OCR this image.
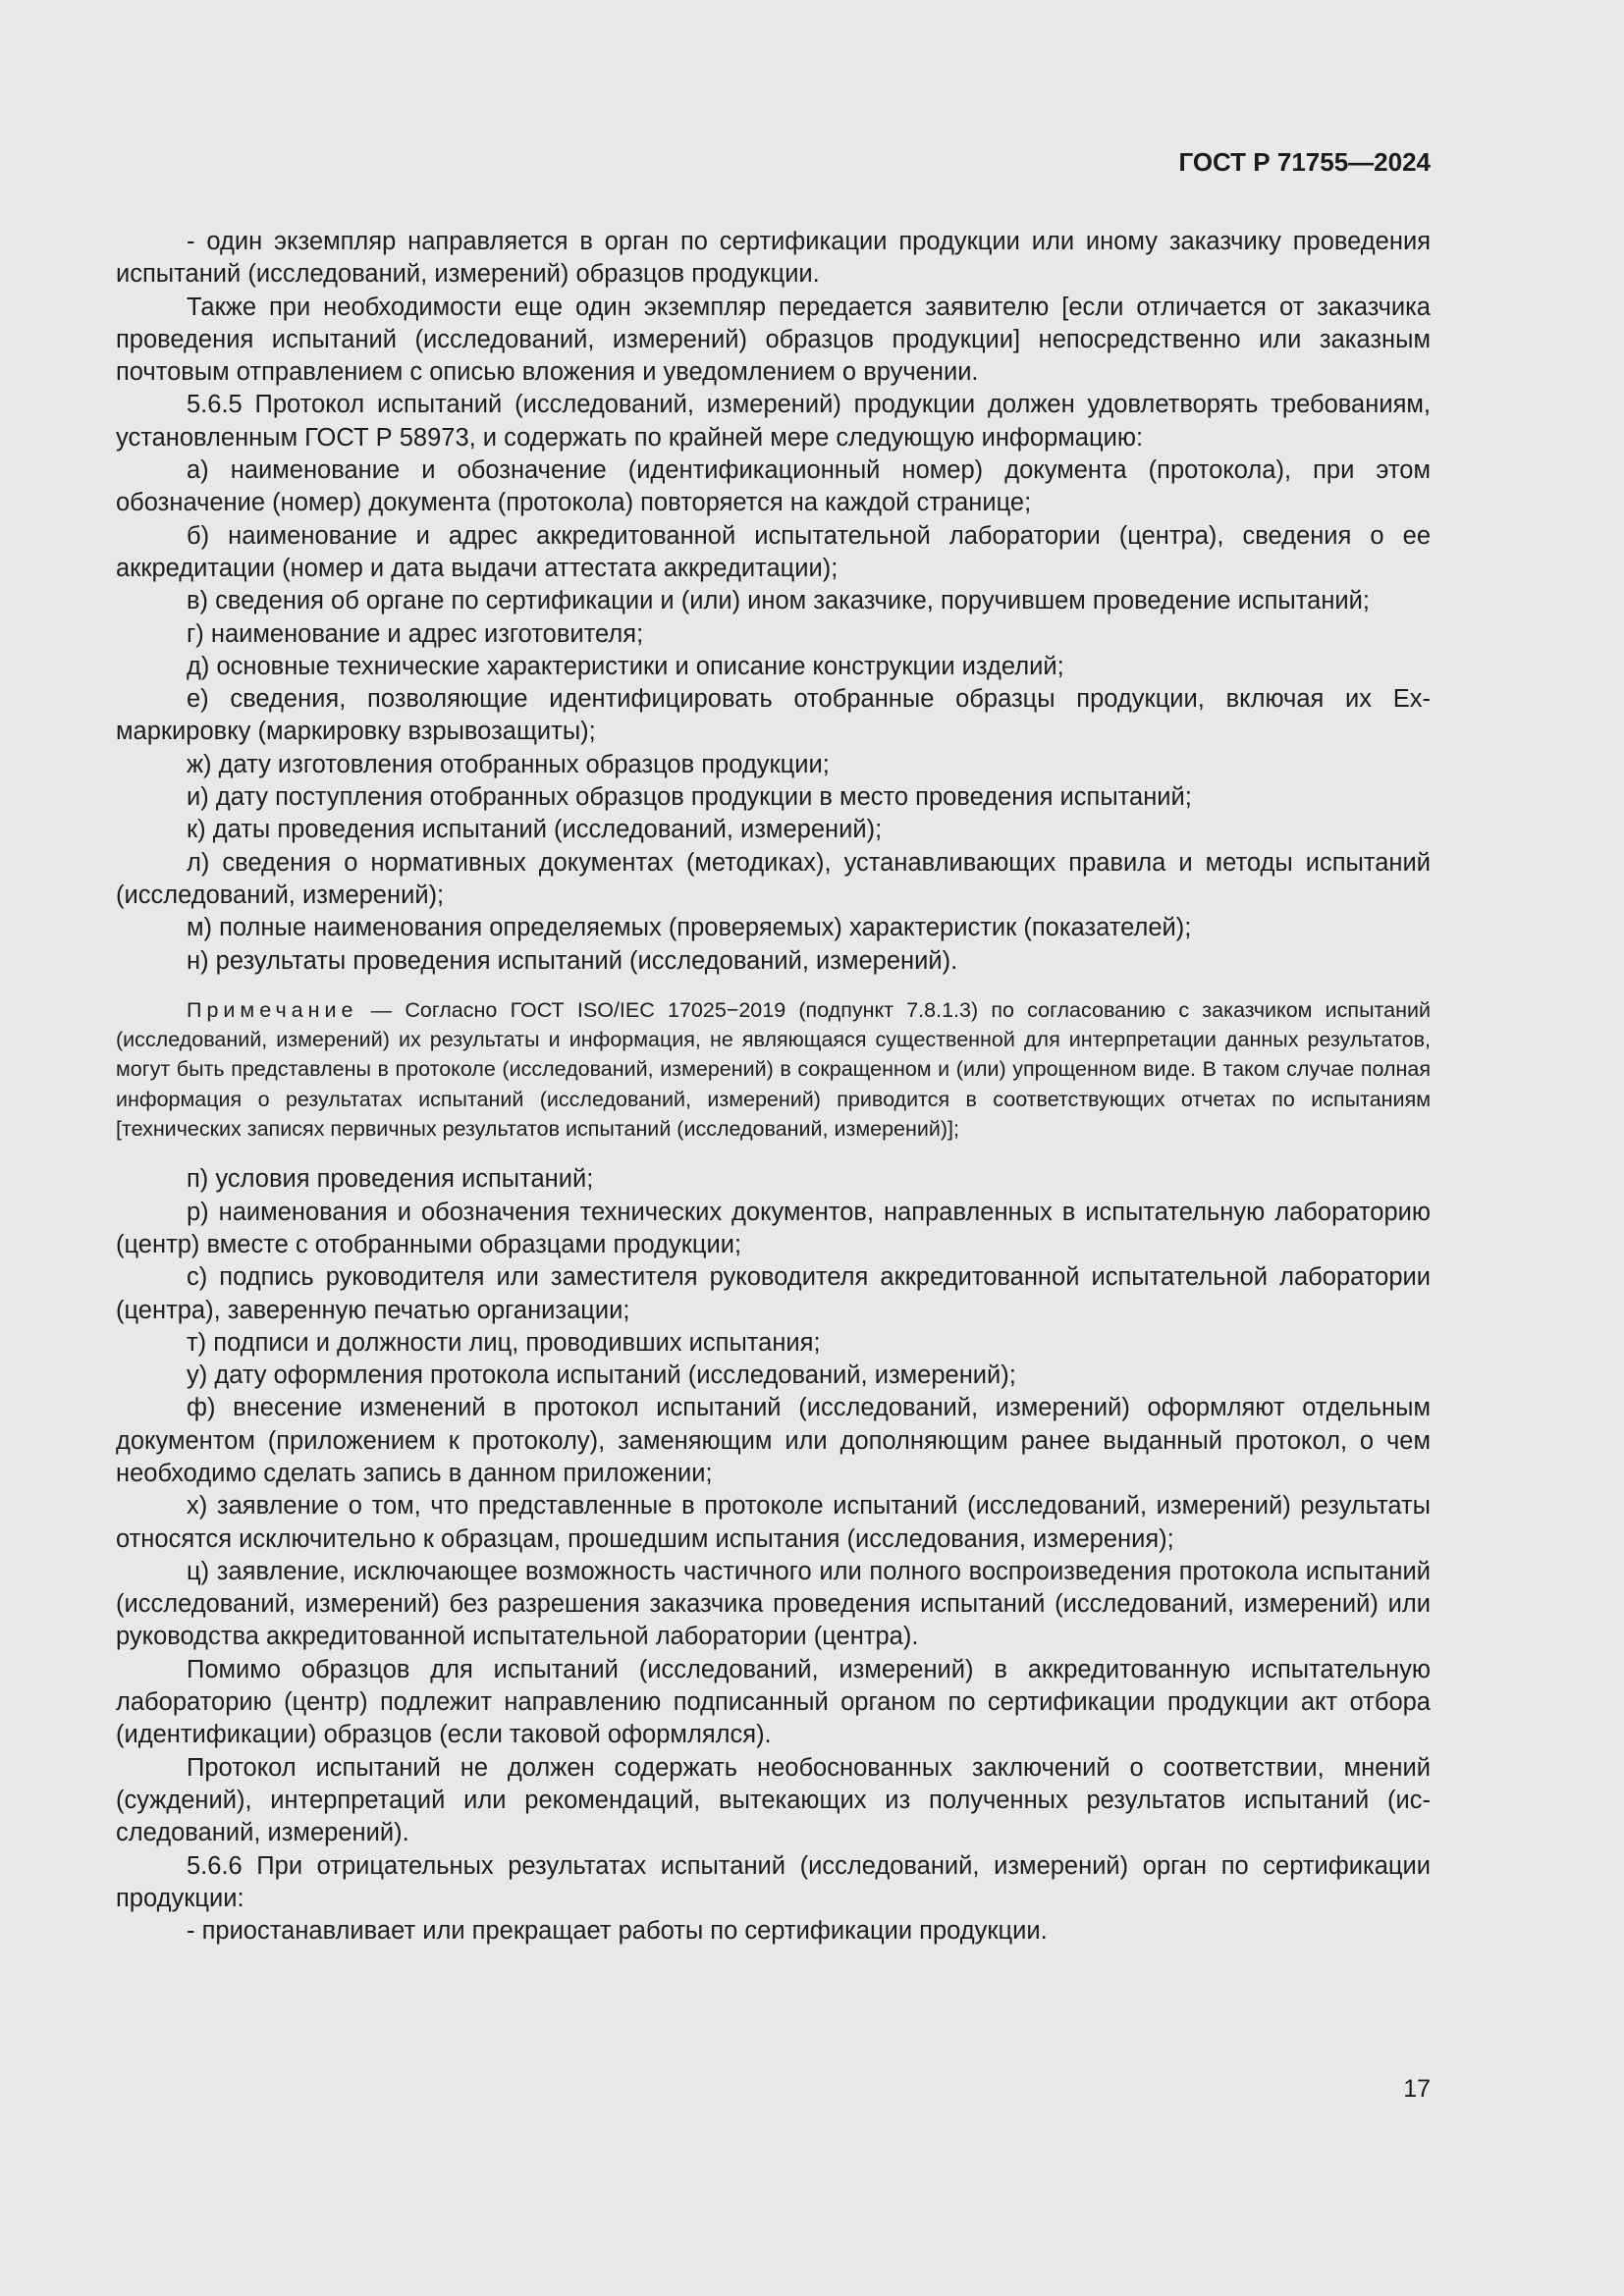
ГОСТ Р 71755—2024

- один экземпляр направляется в орган по сертификации продукции или иному заказчику проведения испытаний (исследований, измерений) образцов продукции.

Также при необходимости еще один экземпляр передается заявителю [если отличается от заказчика проведения испытаний (исследований, измерений) образцов продукции] непосредственно или заказным почтовым отправлением с описью вложения и уведомлением о вручении.

5.6.5 Протокол испытаний (исследований, измерений) продукции должен удовлетворять требованиям, установленным ГОСТ Р 58973, и содержать по крайней мере следующую информацию:

а) наименование и обозначение (идентификационный номер) документа (протокола), при этом обозначение (номер) документа (протокола) повторяется на каждой странице;

б) наименование и адрес аккредитованной испытательной лаборатории (центра), сведения о ее аккредитации (номер и дата выдачи аттестата аккредитации);

в) сведения об органе по сертификации и (или) ином заказчике, поручившем проведение испытаний;

г) наименование и адрес изготовителя;

д) основные технические характеристики и описание конструкции изделий;

е) сведения, позволяющие идентифицировать отобранные образцы продукции, включая их Ех-маркировку (маркировку взрывозащиты);

ж) дату изготовления отобранных образцов продукции;

и) дату поступления отобранных образцов продукции в место проведения испытаний;

к) даты проведения испытаний (исследований, измерений);

л) сведения о нормативных документах (методиках), устанавливающих правила и методы испытаний (исследований, измерений);

м) полные наименования определяемых (проверяемых) характеристик (показателей);

н) результаты проведения испытаний (исследований, измерений).

Примечание — Согласно ГОСТ ISO/IEC 17025−2019 (подпункт 7.8.1.3) по согласованию с заказчиком испытаний (исследований, измерений) их результаты и информация, не являющаяся существенной для интерпретации данных результатов, могут быть представлены в протоколе (исследований, измерений) в сокращенном и (или) упрощенном виде. В таком случае полная информация о результатах испытаний (исследований, измерений) приводится в соответствующих отчетах по испытаниям [технических записях первичных результатов испытаний (исследований, измерений)];

п) условия проведения испытаний;

р) наименования и обозначения технических документов, направленных в испытательную лабораторию (центр) вместе с отобранными образцами продукции;

с) подпись руководителя или заместителя руководителя аккредитованной испытательной лаборатории (центра), заверенную печатью организации;

т) подписи и должности лиц, проводивших испытания;

у) дату оформления протокола испытаний (исследований, измерений);

ф) внесение изменений в протокол испытаний (исследований, измерений) оформляют отдельным документом (приложением к протоколу), заменяющим или дополняющим ранее выданный протокол, о чем необходимо сделать запись в данном приложении;

х) заявление о том, что представленные в протоколе испытаний (исследований, измерений) результаты относятся исключительно к образцам, прошедшим испытания (исследования, измерения);

ц) заявление, исключающее возможность частичного или полного воспроизведения протокола испытаний (исследований, измерений) без разрешения заказчика проведения испытаний (исследований, измерений) или руководства аккредитованной испытательной лаборатории (центра).

Помимо образцов для испытаний (исследований, измерений) в аккредитованную испытательную лабораторию (центр) подлежит направлению подписанный органом по сертификации продукции акт отбора (идентификации) образцов (если таковой оформлялся).

Протокол испытаний не должен содержать необоснованных заключений о соответствии, мнений (суждений), интерпретаций или рекомендаций, вытекающих из полученных результатов испытаний (исследований, измерений).

5.6.6 При отрицательных результатах испытаний (исследований, измерений) орган по сертификации продукции:

- приостанавливает или прекращает работы по сертификации продукции.

17
